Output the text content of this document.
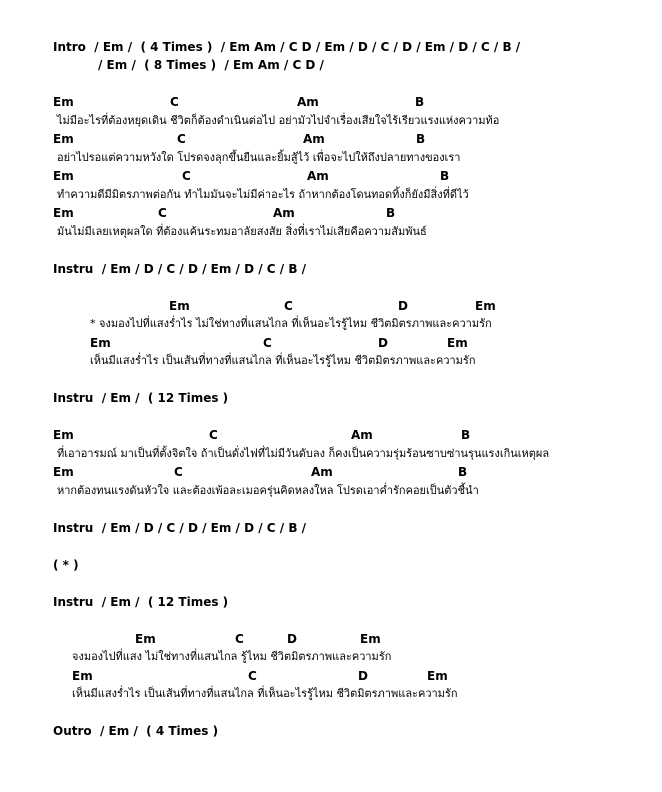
Intro  / Em /  ( 4 Times )  / Em Am / C D / Em / D / C / D / Em / D / C / B /
/ Em /  ( 8 Times )  / Em Am / C D /

Em

	C

	Am

	B

ไม่มีอะไรที่ต้องหยุดเดิน ชีวิตก็ต้องดำเนินต่อไป อย่ามัวไปจำเรื่องเสียใจไร้เรียวแรงแห่งความท้อ

Em

	C

	Am

	B

อย่าไปรอแต่ความหวังใด โปรดจงลุกขึ้นยืนและยิ้มสู้ไว้ เพื่อจะไปให้ถึงปลายทางของเรา

Em

	C

	Am

	B

ทำความดีมีมิตรภาพต่อกัน ทำไมมันจะไม่มีค่าอะไร ถ้าหากต้องโดนทอดทิ้งก็ยังมีสิ่งที่ดีไว้

Em

	C

	Am

	B

มันไม่มีเลยเหตุผลใด ที่ต้องแค้นระทมอาลัยสงสัย สิ่งที่เราไม่เสียคือความสัมพันธ์
Instru  / Em / D / C / D / Em / D / C / B /

Em

	C

	D

	Em

* จงมองไปที่แสงร่ำไร ไม่ใช่ทางที่แสนไกล ที่เห็นอะไรรู้ไหม ชีวิตมิตรภาพและความรัก

Em

	C

	D

	Em

เห็นมีแสงร่ำไร เป็นเส้นที่ทางที่แสนไกล ที่เห็นอะไรรู้ไหม ชีวิตมิตรภาพและความรัก
Instru  / Em /  ( 12 Times )

Em

	C

	Am

	B

ที่เอาอารมณ์ มาเป็นที่ตั้งจิตใจ ถ้าเป็นดั่งไฟที่ไม่มีวันดับลง ก็คงเป็นความรุ่มร้อนซาบซ่านรุนแรงเกินเหตุผล

Em

	C

	Am

	B

หากต้องทนแรงดันหัวใจ และต้องเพ้อละเมอครุ่นคิดหลงใหล โปรดเอาค่ำรักคอยเป็นตัวชี้นำ
Instru  / Em / D / C / D / Em / D / C / B /
( * )
Instru  / Em /  ( 12 Times )

Em

	C

	D

	Em

จงมองไปที่แสง ไม่ใช่ทางที่แสนไกล รู้ไหม ชีวิตมิตรภาพและความรัก

Em

	C

	D

	Em

เห็นมีแสงร่ำไร เป็นเส้นที่ทางที่แสนไกล ที่เห็นอะไรรู้ไหม ชีวิตมิตรภาพและความรัก
Outro  / Em /  ( 4 Times )
